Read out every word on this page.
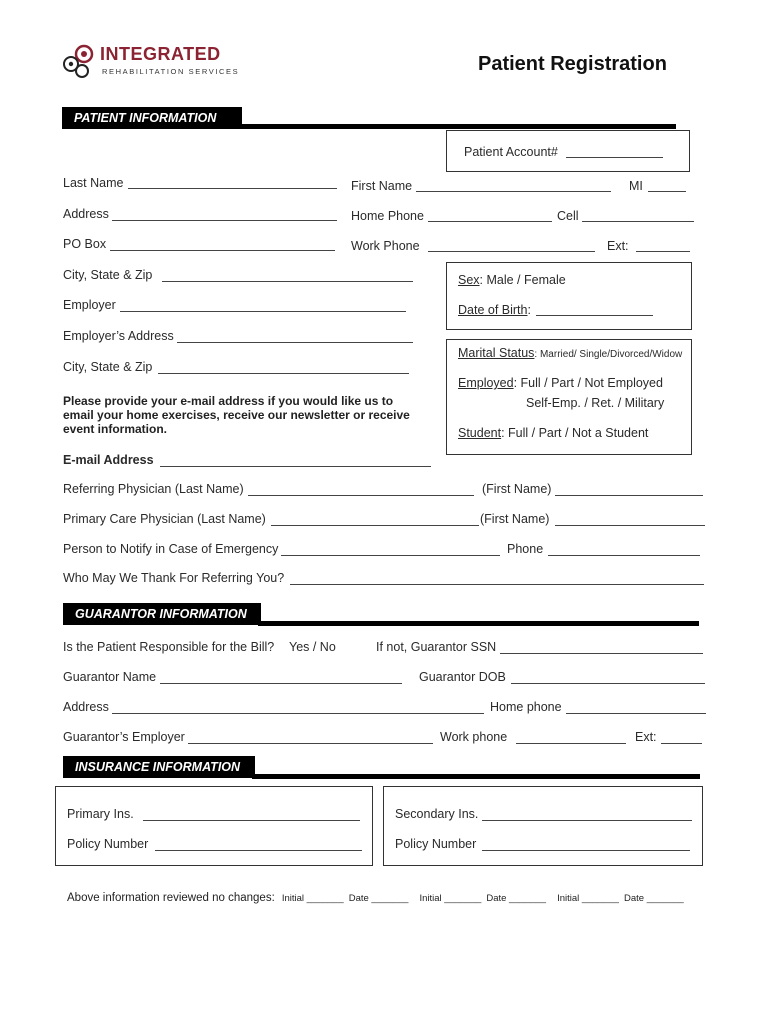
INTEGRATED
REHABILITATION SERVICES	Patient Registration
PATIENT INFORMATION
Patient Account#
Last Name	First Name	MI
Address	Home Phone	Cell
PO Box	Work Phone	Ext:
City, State & Zip	Sex: Male / Female
Date of Birth:
Employer
Employer’s Address
Marital Status: Married/ Single/Divorced/Widow
Employed: Full / Part / Not Employed
Self-Emp. / Ret. / Military
Student: Full / Part / Not a Student
City, State & Zip
Please provide your e-mail address if you would like us to
email your home exercises, receive our newsletter or receive
event information.
E-mail Address
Referring Physician (Last Name)	(First Name)
Primary Care Physician (Last Name)	(First Name)
Person to Notify in Case of Emergency	Phone
Who May We Thank For Referring You?
GUARANTOR INFORMATION
Is the Patient Responsible for the Bill? Yes / No	If not, Guarantor SSN
Guarantor Name	Guarantor DOB
Address	Home phone
Guarantor’s Employer	Work phone	Ext:
INSURANCE INFORMATION
Primary Ins.
Policy Number
Secondary Ins.
Policy Number
Above information reviewed no changes: Initial _______ Date _______ Initial _______ Date _______ Initial _______ Date _______
